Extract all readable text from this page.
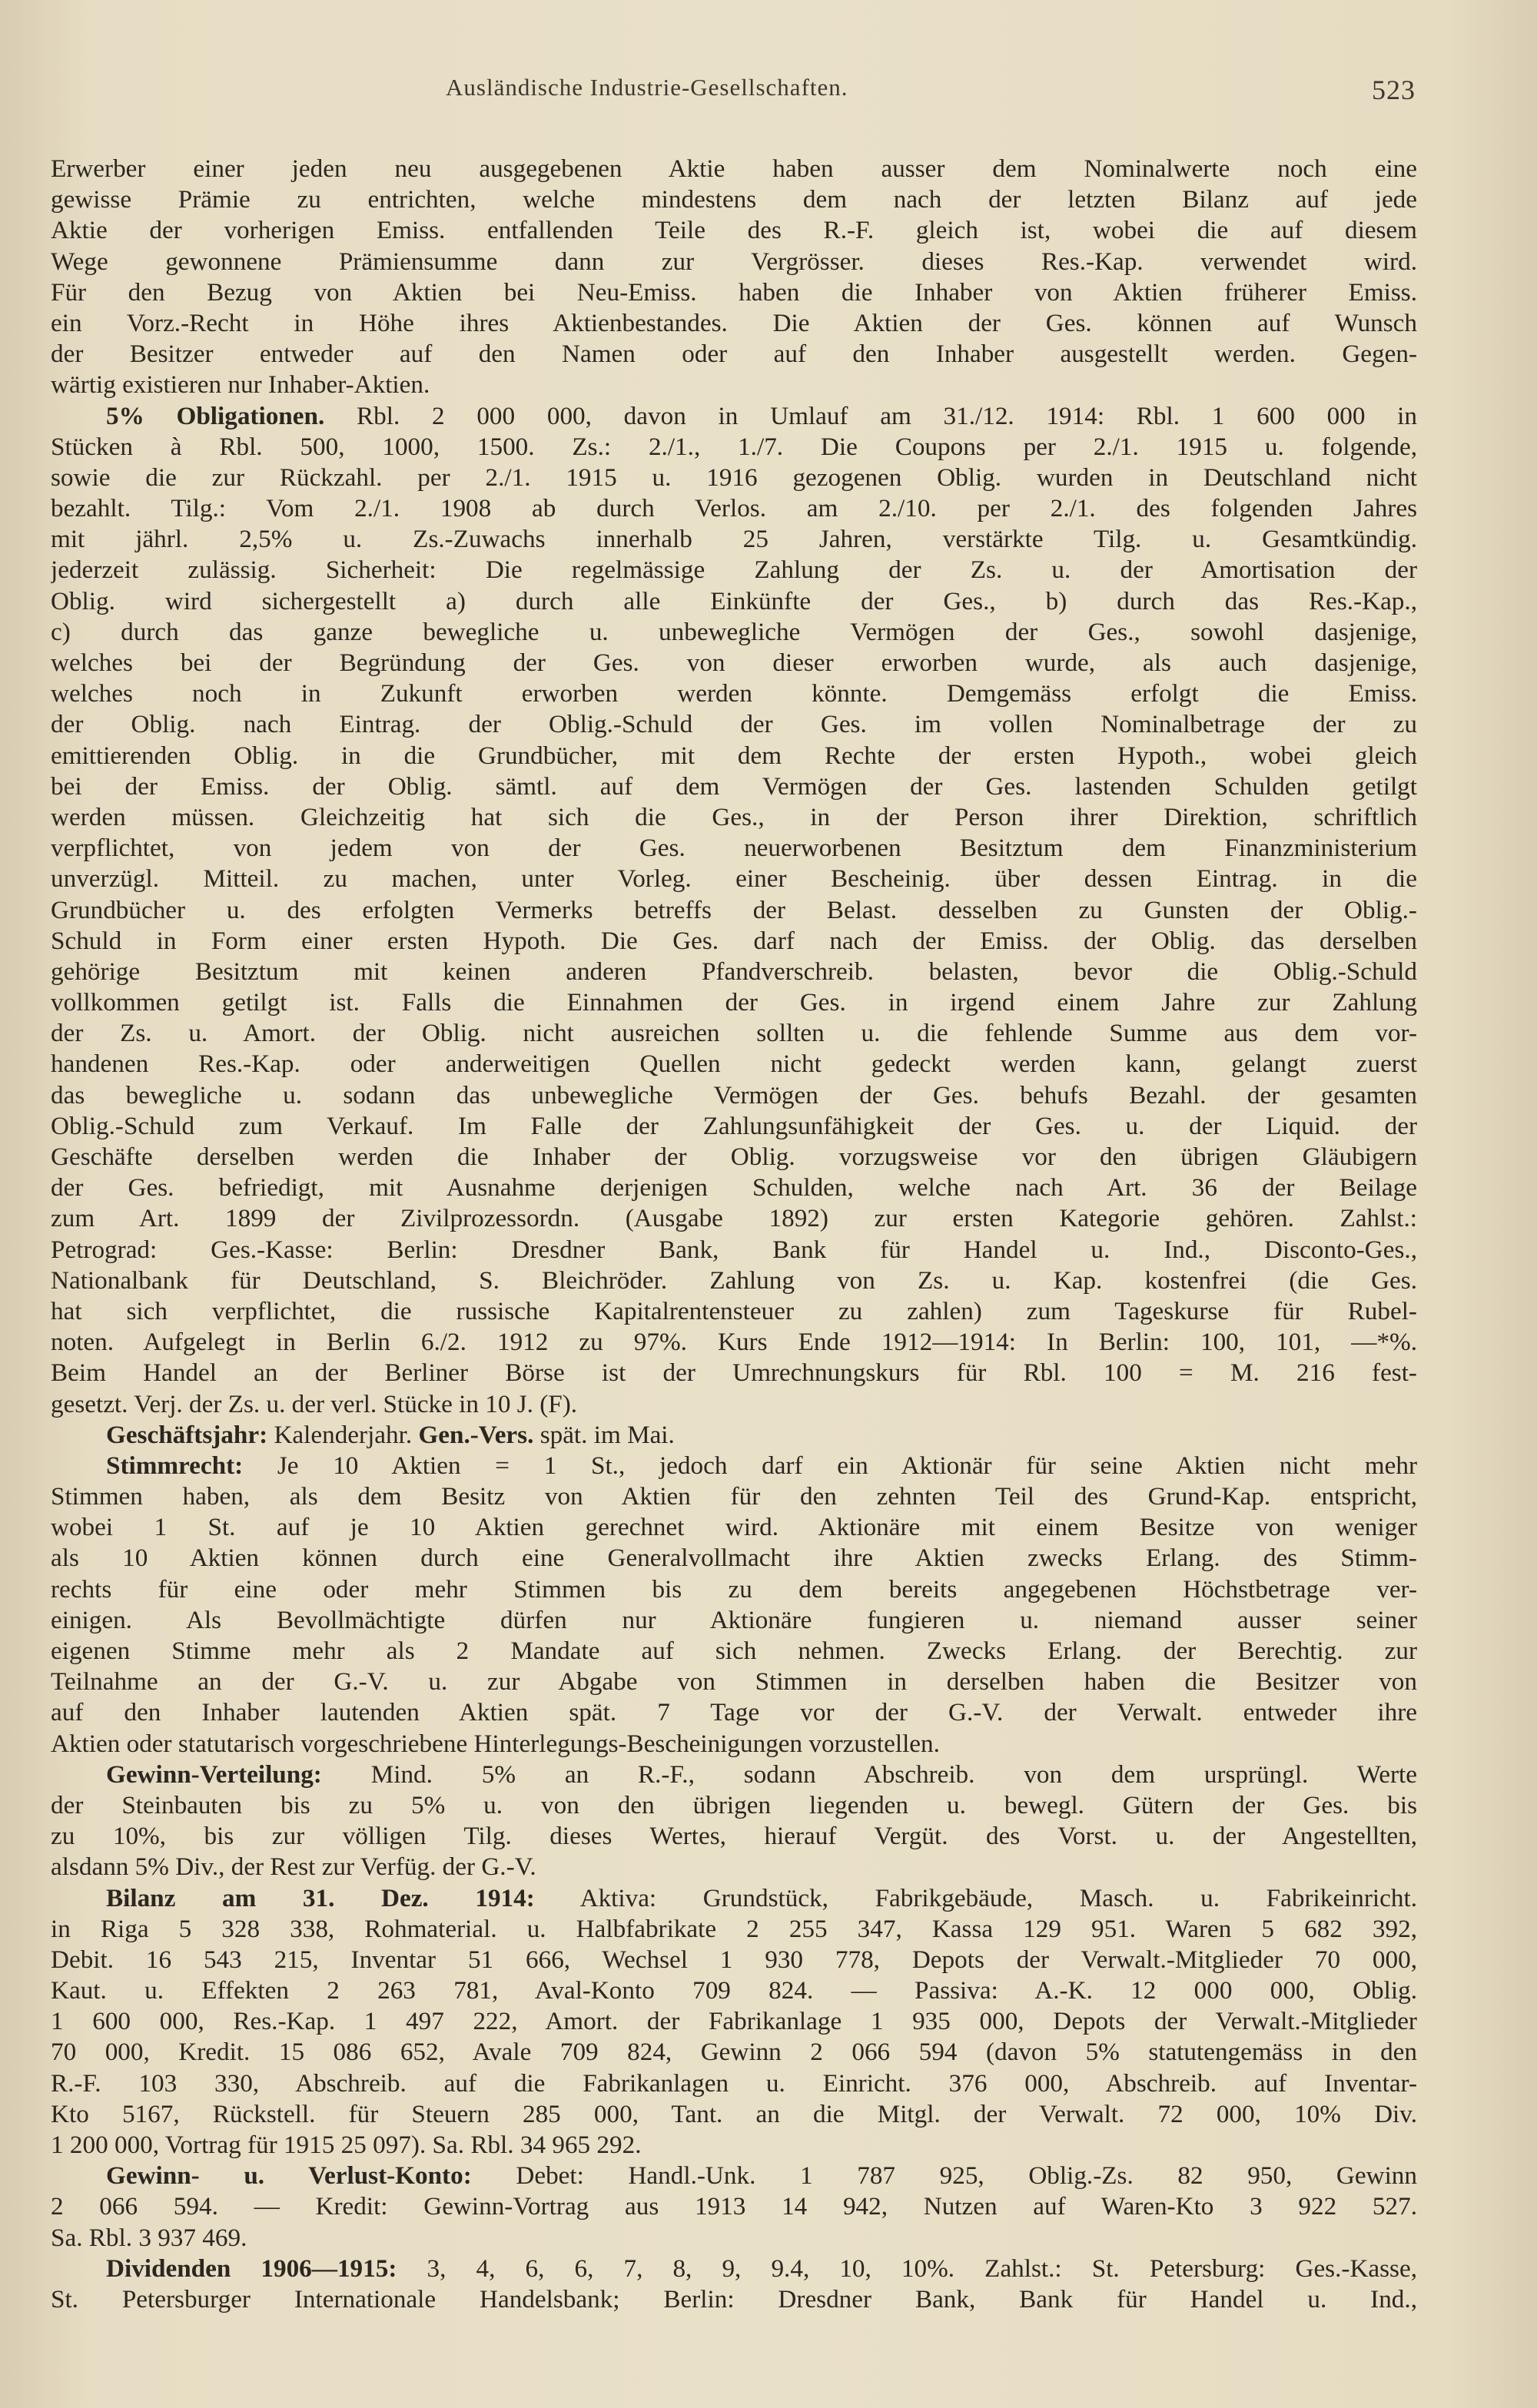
Ausländische Industrie-Gesellschaften.	523
Erwerber einer jeden neu ausgegebenen Aktie haben ausser dem Nominalwerte noch eine
gewisse Prämie zu entrichten, welche mindestens dem nach der letzten Bilanz auf jede
Aktie der vorherigen Emiss. entfallenden Teile des R.-F. gleich ist, wobei die auf diesem
Wege gewonnene Prämiensumme dann zur Vergrösser. dieses Res.-Kap. verwendet wird.
Für den Bezug von Aktien bei Neu-Emiss. haben die Inhaber von Aktien früherer Emiss.
ein Vorz.-Recht in Höhe ihres Aktienbestandes. Die Aktien der Ges. können auf Wunsch
der Besitzer entweder auf den Namen oder auf den Inhaber ausgestellt werden. Gegen-
wärtig existieren nur Inhaber-Aktien.
5% Obligationen. Rbl. 2 000 000, davon in Umlauf am 31./12. 1914: Rbl. 1 600 000 in
Stücken à Rbl. 500, 1000, 1500. Zs.: 2./1., 1./7. Die Coupons per 2./1. 1915 u. folgende,
sowie die zur Rückzahl. per 2./1. 1915 u. 1916 gezogenen Oblig. wurden in Deutschland nicht
bezahlt. Tilg.: Vom 2./1. 1908 ab durch Verlos. am 2./10. per 2./1. des folgenden Jahres
mit jährl. 2,5% u. Zs.-Zuwachs innerhalb 25 Jahren, verstärkte Tilg. u. Gesamtkündig.
jederzeit zulässig. Sicherheit: Die regelmässige Zahlung der Zs. u. der Amortisation der
Oblig. wird sichergestellt a) durch alle Einkünfte der Ges., b) durch das Res.-Kap.,
c) durch das ganze bewegliche u. unbewegliche Vermögen der Ges., sowohl dasjenige,
welches bei der Begründung der Ges. von dieser erworben wurde, als auch dasjenige,
welches noch in Zukunft erworben werden könnte. Demgemäss erfolgt die Emiss.
der Oblig. nach Eintrag. der Oblig.-Schuld der Ges. im vollen Nominalbetrage der zu
emittierenden Oblig. in die Grundbücher, mit dem Rechte der ersten Hypoth., wobei gleich
bei der Emiss. der Oblig. sämtl. auf dem Vermögen der Ges. lastenden Schulden getilgt
werden müssen. Gleichzeitig hat sich die Ges., in der Person ihrer Direktion, schriftlich
verpflichtet, von jedem von der Ges. neuerworbenen Besitztum dem Finanzministerium
unverzügl. Mitteil. zu machen, unter Vorleg. einer Bescheinig. über dessen Eintrag. in die
Grundbücher u. des erfolgten Vermerks betreffs der Belast. desselben zu Gunsten der Oblig.-
Schuld in Form einer ersten Hypoth. Die Ges. darf nach der Emiss. der Oblig. das derselben
gehörige Besitztum mit keinen anderen Pfandverschreib. belasten, bevor die Oblig.-Schuld
vollkommen getilgt ist. Falls die Einnahmen der Ges. in irgend einem Jahre zur Zahlung
der Zs. u. Amort. der Oblig. nicht ausreichen sollten u. die fehlende Summe aus dem vor-
handenen Res.-Kap. oder anderweitigen Quellen nicht gedeckt werden kann, gelangt zuerst
das bewegliche u. sodann das unbewegliche Vermögen der Ges. behufs Bezahl. der gesamten
Oblig.-Schuld zum Verkauf. Im Falle der Zahlungsunfähigkeit der Ges. u. der Liquid. der
Geschäfte derselben werden die Inhaber der Oblig. vorzugsweise vor den übrigen Gläubigern
der Ges. befriedigt, mit Ausnahme derjenigen Schulden, welche nach Art. 36 der Beilage
zum Art. 1899 der Zivilprozessordn. (Ausgabe 1892) zur ersten Kategorie gehören. Zahlst.:
Petrograd: Ges.-Kasse: Berlin: Dresdner Bank, Bank für Handel u. Ind., Disconto-Ges.,
Nationalbank für Deutschland, S. Bleichröder. Zahlung von Zs. u. Kap. kostenfrei (die Ges.
hat sich verpflichtet, die russische Kapitalrentensteuer zu zahlen) zum Tageskurse für Rubel-
noten. Aufgelegt in Berlin 6./2. 1912 zu 97%. Kurs Ende 1912—1914: In Berlin: 100, 101, —*%.
Beim Handel an der Berliner Börse ist der Umrechnungskurs für Rbl. 100 = M. 216 fest-
gesetzt. Verj. der Zs. u. der verl. Stücke in 10 J. (F).
Geschäftsjahr: Kalenderjahr. Gen.-Vers. spät. im Mai.
Stimmrecht: Je 10 Aktien = 1 St., jedoch darf ein Aktionär für seine Aktien nicht mehr
Stimmen haben, als dem Besitz von Aktien für den zehnten Teil des Grund-Kap. entspricht,
wobei 1 St. auf je 10 Aktien gerechnet wird. Aktionäre mit einem Besitze von weniger
als 10 Aktien können durch eine Generalvollmacht ihre Aktien zwecks Erlang. des Stimm-
rechts für eine oder mehr Stimmen bis zu dem bereits angegebenen Höchstbetrage ver-
einigen. Als Bevollmächtigte dürfen nur Aktionäre fungieren u. niemand ausser seiner
eigenen Stimme mehr als 2 Mandate auf sich nehmen. Zwecks Erlang. der Berechtig. zur
Teilnahme an der G.-V. u. zur Abgabe von Stimmen in derselben haben die Besitzer von
auf den Inhaber lautenden Aktien spät. 7 Tage vor der G.-V. der Verwalt. entweder ihre
Aktien oder statutarisch vorgeschriebene Hinterlegungs-Bescheinigungen vorzustellen.
Gewinn-Verteilung: Mind. 5% an R.-F., sodann Abschreib. von dem ursprüngl. Werte
der Steinbauten bis zu 5% u. von den übrigen liegenden u. bewegl. Gütern der Ges. bis
zu 10%, bis zur völligen Tilg. dieses Wertes, hierauf Vergüt. des Vorst. u. der Angestellten,
alsdann 5% Div., der Rest zur Verfüg. der G.-V.
Bilanz am 31. Dez. 1914: Aktiva: Grundstück, Fabrikgebäude, Masch. u. Fabrikeinricht.
in Riga 5 328 338, Rohmaterial. u. Halbfabrikate 2 255 347, Kassa 129 951. Waren 5 682 392,
Debit. 16 543 215, Inventar 51 666, Wechsel 1 930 778, Depots der Verwalt.-Mitglieder 70 000,
Kaut. u. Effekten 2 263 781, Aval-Konto 709 824. — Passiva: A.-K. 12 000 000, Oblig.
1 600 000, Res.-Kap. 1 497 222, Amort. der Fabrikanlage 1 935 000, Depots der Verwalt.-Mitglieder
70 000, Kredit. 15 086 652, Avale 709 824, Gewinn 2 066 594 (davon 5% statutengemäss in den
R.-F. 103 330, Abschreib. auf die Fabrikanlagen u. Einricht. 376 000, Abschreib. auf Inventar-
Kto 5167, Rückstell. für Steuern 285 000, Tant. an die Mitgl. der Verwalt. 72 000, 10% Div.
1 200 000, Vortrag für 1915 25 097). Sa. Rbl. 34 965 292.
Gewinn- u. Verlust-Konto: Debet: Handl.-Unk. 1 787 925, Oblig.-Zs. 82 950, Gewinn
2 066 594. — Kredit: Gewinn-Vortrag aus 1913 14 942, Nutzen auf Waren-Kto 3 922 527.
Sa. Rbl. 3 937 469.
Dividenden 1906—1915: 3, 4, 6, 6, 7, 8, 9, 9.4, 10, 10%. Zahlst.: St. Petersburg: Ges.-Kasse,
St. Petersburger Internationale Handelsbank; Berlin: Dresdner Bank, Bank für Handel u. Ind.,
